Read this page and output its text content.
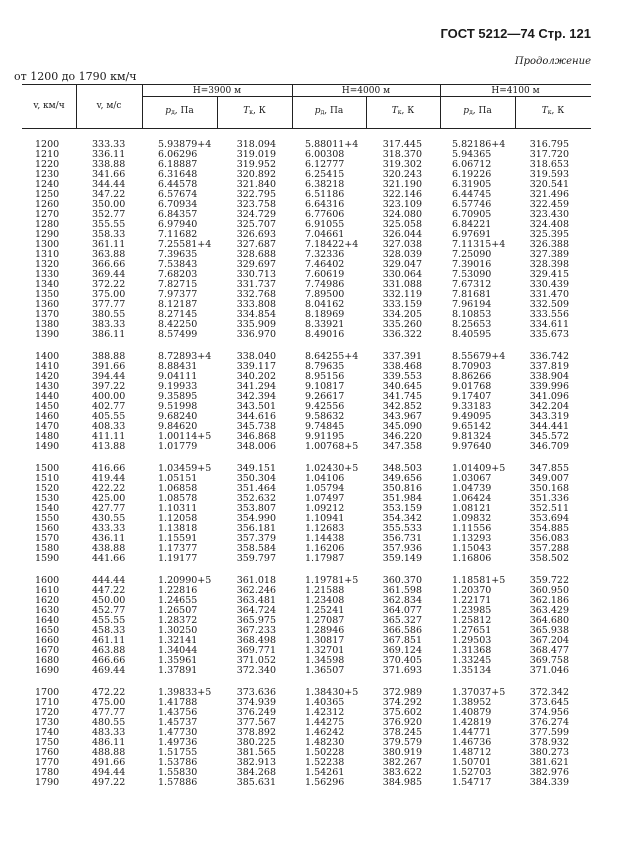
ГОСТ 5212—74 Стр. 121
Продолжение
от 1200 до 1790 км/ч
v, км/ч	v, м/с
H=3900 м	H=4000 м	H=4100 м
$p_д$, Па	$T_к$, К	$p_д$, Па	$T_к$, К	$p_д$, Па	$T_к$, К
1200	333.33	5.93879+4	318.094	5.88011+4	317.445	5.82186+4	316.795
1210	336.11	6.06296	319.019	6.00308	318.370	5.94365	317.720
1220	338.88	6.18887	319.952	6.12777	319.302	6.06712	318.653
1230	341.66	6.31648	320.892	6.25415	320.243	6.19226	319.593
1240	344.44	6.44578	321.840	6.38218	321.190	6.31905	320.541
1250	347.22	6.57674	322.795	6.51186	322.146	6.44745	321.496
1260	350.00	6.70934	323.758	6.64316	323.109	6.57746	322.459
1270	352.77	6.84357	324.729	6.77606	324.080	6.70905	323.430
1280	355.55	6.97940	325.707	6.91055	325.058	6.84221	324.408
1290	358.33	7.11682	326.693	7.04661	326.044	6.97691	325.395
1300	361.11	7.25581+4	327.687	7.18422+4	327.038	7.11315+4	326.388
1310	363.88	7.39635	328.688	7.32336	328.039	7.25090	327.389
1320	366.66	7.53843	329.697	7.46402	329.047	7.39016	328.398
1330	369.44	7.68203	330.713	7.60619	330.064	7.53090	329.415
1340	372.22	7.82715	331.737	7.74986	331.088	7.67312	330.439
1350	375.00	7.97377	332.768	7.89500	332.119	7.81681	331.470
1360	377.77	8.12187	333.808	8.04162	333.159	7.96194	332.509
1370	380.55	8.27145	334.854	8.18969	334.205	8.10853	333.556
1380	383.33	8.42250	335.909	8.33921	335.260	8.25653	334.611
1390	386.11	8.57499	336.970	8.49016	336.322	8.40595	335.673
1400	388.88	8.72893+4	338.040	8.64255+4	337.391	8.55679+4	336.742
1410	391.66	8.88431	339.117	8.79635	338.468	8.70903	337.819
1420	394.44	9.04111	340.202	8.95156	339.553	8.86266	338.904
1430	397.22	9.19933	341.294	9.10817	340.645	9.01768	339.996
1440	400.00	9.35895	342.394	9.26617	341.745	9.17407	341.096
1450	402.77	9.51998	343.501	9.42556	342.852	9.33183	342.204
1460	405.55	9.68240	344.616	9.58632	343.967	9.49095	343.319
1470	408.33	9.84620	345.738	9.74845	345.090	9.65142	344.441
1480	411.11	1.00114+5	346.868	9.91195	346.220	9.81324	345.572
1490	413.88	1.01779	348.006	1.00768+5	347.358	9.97640	346.709
1500	416.66	1.03459+5	349.151	1.02430+5	348.503	1.01409+5	347.855
1510	419.44	1.05151	350.304	1.04106	349.656	1.03067	349.007
1520	422.22	1.06858	351.464	1.05794	350.816	1.04739	350.168
1530	425.00	1.08578	352.632	1.07497	351.984	1.06424	351.336
1540	427.77	1.10311	353.807	1.09212	353.159	1.08121	352.511
1550	430.55	1.12058	354.990	1.10941	354.342	1.09832	353.694
1560	433.33	1.13818	356.181	1.12683	355.533	1.11556	354.885
1570	436.11	1.15591	357.379	1.14438	356.731	1.13293	356.083
1580	438.88	1.17377	358.584	1.16206	357.936	1.15043	357.288
1590	441.66	1.19177	359.797	1.17987	359.149	1.16806	358.502
1600	444.44	1.20990+5	361.018	1.19781+5	360.370	1.18581+5	359.722
1610	447.22	1.22816	362.246	1.21588	361.598	1.20370	360.950
1620	450.00	1.24655	363.481	1.23408	362.834	1.22171	362.186
1630	452.77	1.26507	364.724	1.25241	364.077	1.23985	363.429
1640	455.55	1.28372	365.975	1.27087	365.327	1.25812	364.680
1650	458.33	1.30250	367.233	1.28946	366.586	1.27651	365.938
1660	461.11	1.32141	368.498	1.30817	367.851	1.29503	367.204
1670	463.88	1.34044	369.771	1.32701	369.124	1.31368	368.477
1680	466.66	1.35961	371.052	1.34598	370.405	1.33245	369.758
1690	469.44	1.37891	372.340	1.36507	371.693	1.35134	371.046
1700	472.22	1.39833+5	373.636	1.38430+5	372.989	1.37037+5	372.342
1710	475.00	1.41788	374.939	1.40365	374.292	1.38952	373.645
1720	477.77	1.43756	376.249	1.42312	375.602	1.40879	374.956
1730	480.55	1.45737	377.567	1.44275	376.920	1.42819	376.274
1740	483.33	1.47730	378.892	1.46242	378.245	1.44771	377.599
1750	486.11	1.49736	380.225	1.48230	379.579	1.46736	378.932
1760	488.88	1.51755	381.565	1.50228	380.919	1.48712	380.273
1770	491.66	1.53786	382.913	1.52238	382.267	1.50701	381.621
1780	494.44	1.55830	384.268	1.54261	383.622	1.52703	382.976
1790	497.22	1.57886	385.631	1.56296	384.985	1.54717	384.339
